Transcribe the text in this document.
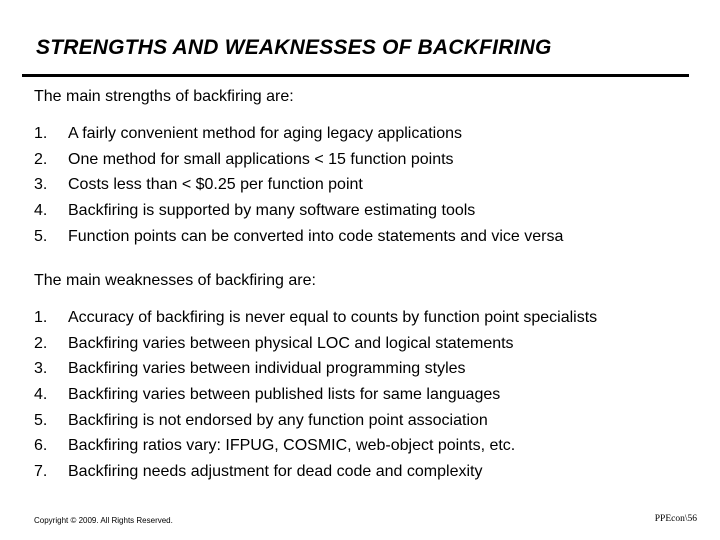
STRENGTHS AND WEAKNESSES OF BACKFIRING
The main strengths of backfiring are:
1.	A fairly convenient method for aging legacy applications
2.	One method for small applications < 15 function points
3.	Costs less than < $0.25 per function point
4.	Backfiring is supported by many software estimating tools
5.	Function points can be converted into code statements and vice versa
The main weaknesses of backfiring are:
1.	Accuracy of backfiring is never equal to counts by function point specialists
2.	Backfiring varies between physical LOC and logical statements
3.	Backfiring varies between individual programming styles
4.	Backfiring varies between published lists for same languages
5.	Backfiring is not endorsed by any function point association
6.	Backfiring ratios vary: IFPUG, COSMIC, web-object points, etc.
7.	Backfiring needs adjustment for dead code and complexity
Copyright © 2009. All Rights Reserved.	PPEcon\56
